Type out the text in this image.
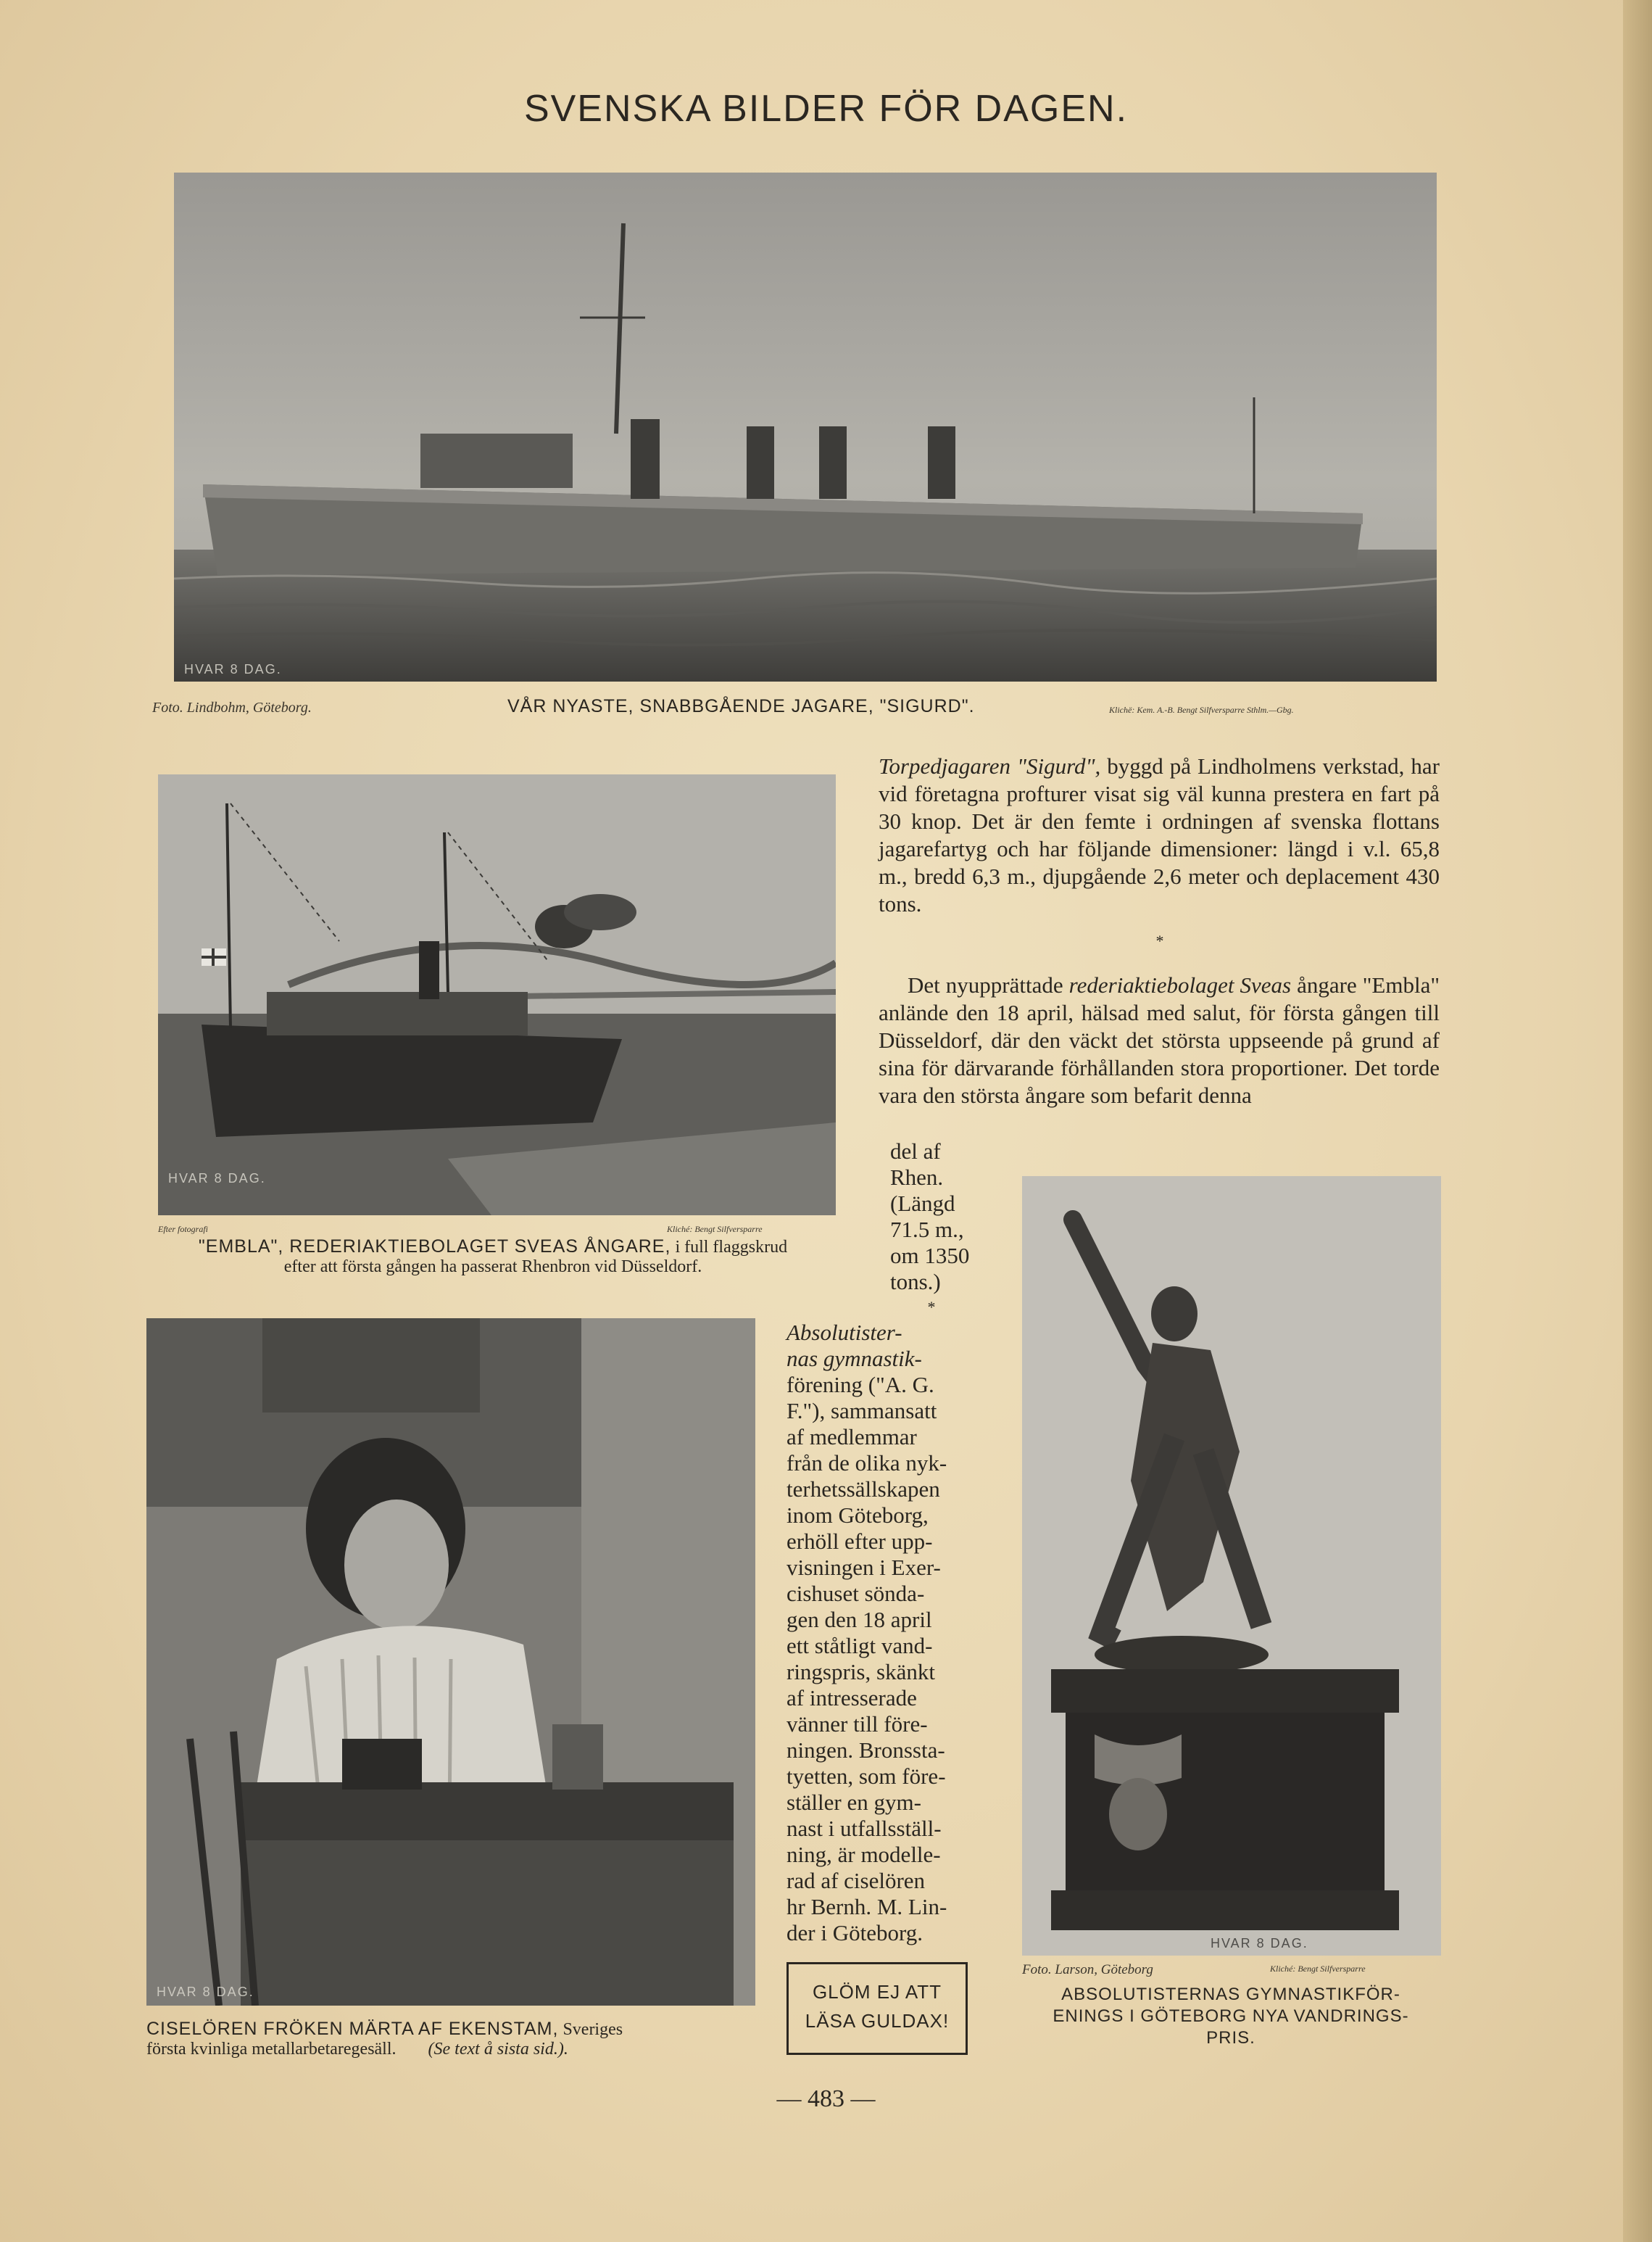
SVENSKA BILDER FÖR DAGEN.
HVAR 8 DAG.
Foto. Lindbohm, Göteborg.	VÅR NYASTE, SNABBGÅENDE JAGARE, "SIGURD".	Klichë: Kem. A.-B. Bengt Silfversparre Sthlm.—Gbg.

Torpedjagaren "Sigurd", byggd på Lindholmens verkstad, har vid företagna profturer visat sig väl kunna prestera en fart på 30 knop. Det är den femte i ordningen af svenska flottans jagarefartyg och har följande dimensioner: längd i v.l. 65,8 m., bredd 6,3 m., djupgående 2,6 meter och deplacement 430 tons.

*

Det nyupprättade rederiaktiebolaget Sveas ångare "Embla" anlände den 18 april, hälsad med salut, för första gången till Düsseldorf, där den väckt det största uppseende på grund af sina för därvarande förhållanden stora proportioner. Det torde vara den största ångare som befarit denna

del af
Rhen.
(Längd
71.5 m.,
om 1350
tons.)
*
HVAR 8 DAG.
Efter fotografi	Kliché: Bengt Silfversparre
"EMBLA", REDERIAKTIEBOLAGET SVEAS ÅNGARE, i full flaggskrud
efter att första gången ha passerat Rhenbron vid Düsseldorf.
HVAR 8 DAG.
CISELÖREN FRÖKEN MÄRTA AF EKENSTAM, Sveriges
första kvinliga metallarbetaregesäll. (Se text å sista sid.).
Absolutister-
nas gymnastik-
förening ("A. G.
F."), sammansatt
af medlemmar
från de olika nyk-
terhetssällskapen
inom Göteborg,
erhöll efter upp-
visningen i Exer-
cishuset sönda-
gen den 18 april
ett ståtligt vand-
ringspris, skänkt
af intresserade
vänner till före-
ningen. Bronssta-
tyetten, som före-
ställer en gym-
nast i utfallsställ-
ning, är modelle-
rad af ciselören
hr Bernh. M. Lin-
der i Göteborg.	HVAR 8 DAG.
Foto. Larson, Göteborg	Kliché: Bengt Silfversparre
ABSOLUTISTERNAS GYMNASTIKFÖR-
ENINGS I GÖTEBORG NYA VANDRINGS-
PRIS.
GLÖM EJ ATT
LÄSA GULDAX!
— 483 —
